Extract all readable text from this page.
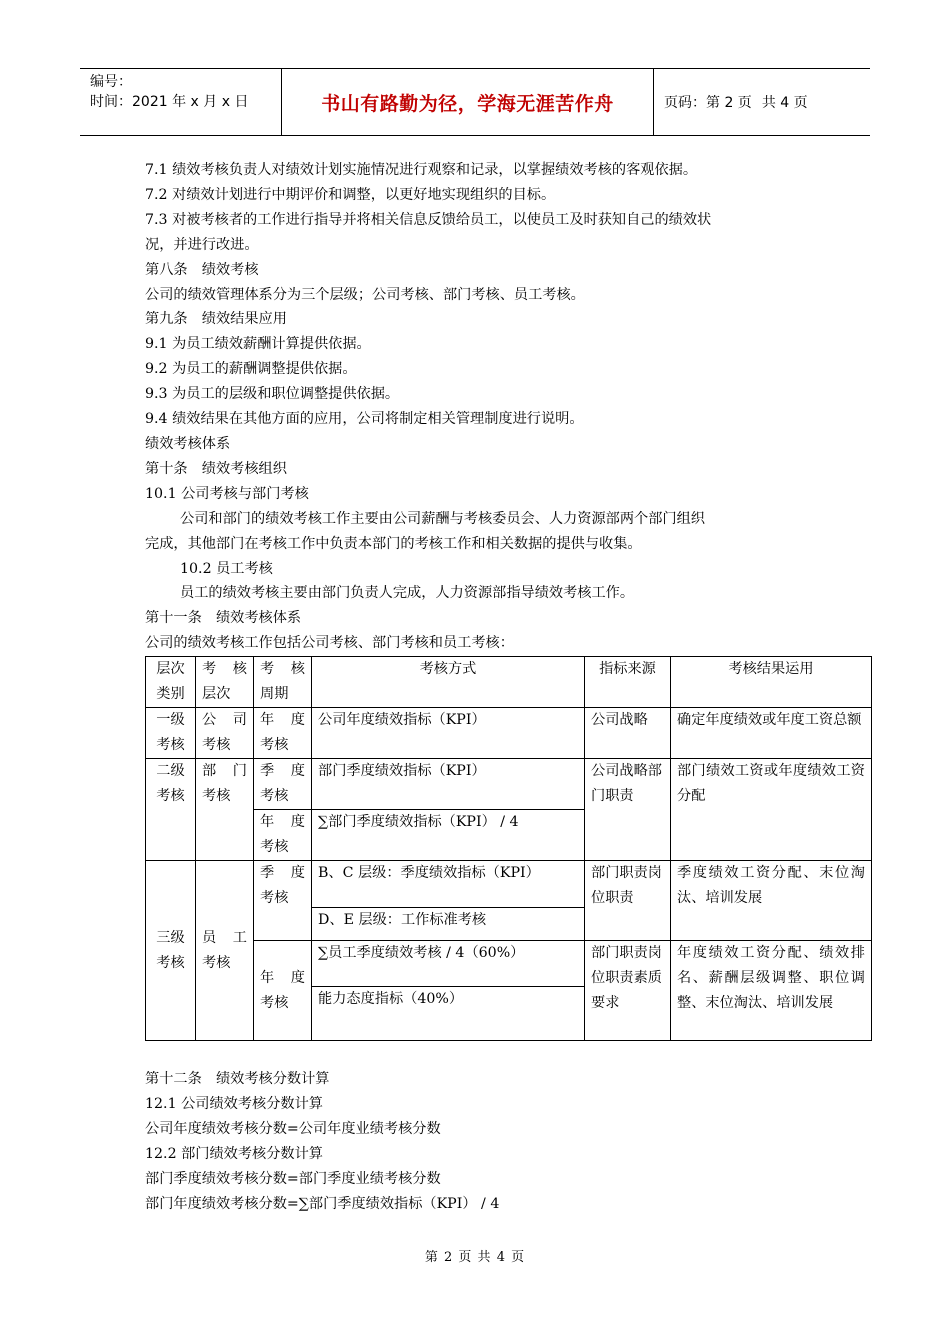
编号：
时间：2021 年 x 月 x 日	书山有路勤为径，学海无涯苦作舟	页码：第 2 页 共 4 页

7.1 绩效考核负责人对绩效计划实施情况进行观察和记录，以掌握绩效考核的客观依据。

7.2 对绩效计划进行中期评价和调整，以更好地实现组织的目标。

7.3 对被考核者的工作进行指导并将相关信息反馈给员工，以使员工及时获知自己的绩效状

况，并进行改进。

第八条　绩效考核

公司的绩效管理体系分为三个层级；公司考核、部门考核、员工考核。

第九条　绩效结果应用

9.1 为员工绩效薪酬计算提供依据。

9.2 为员工的薪酬调整提供依据。

9.3 为员工的层级和职位调整提供依据。

9.4 绩效结果在其他方面的应用，公司将制定相关管理制度进行说明。

绩效考核体系

第十条　绩效考核组织

10.1 公司考核与部门考核

公司和部门的绩效考核工作主要由公司薪酬与考核委员会、人力资源部两个部门组织

完成，其他部门在考核工作中负责本部门的考核工作和相关数据的提供与收集。

10.2 员工考核

员工的绩效考核主要由部门负责人完成，人力资源部指导绩效考核工作。

第十一条　绩效考核体系

公司的绩效考核工作包括公司考核、部门考核和员工考核：

层次类别	考 核 层次	考 核 周期	考核方式	指标来源	考核结果运用
一级考核	公 司 考核	年 度 考核	公司年度绩效指标（KPI）	公司战略	确定年度绩效或年度工资总额
二级考核	部 门 考核	季 度 考核	部门季度绩效指标（KPI）	公司战略部门职责	部门绩效工资或年度绩效工资分配
		年 度 考核	∑部门季度绩效指标（KPI） / 4		
三级考核	员 工 考核	季 度 考核	B、C 层级：季度绩效指标（KPI）	部门职责岗位职责	季度绩效工资分配、末位淘汰、培训发展
			D、E 层级：工作标准考核		
		年 度 考核	∑员工季度绩效考核 / 4（60%）	部门职责岗位职责素质要求	年度绩效工资分配、绩效排名、薪酬层级调整、职位调整、末位淘汰、培训发展
			能力态度指标（40%）		

第十二条　绩效考核分数计算

12.1 公司绩效考核分数计算

公司年度绩效考核分数=公司年度业绩考核分数

12.2 部门绩效考核分数计算

部门季度绩效考核分数=部门季度业绩考核分数

部门年度绩效考核分数=∑部门季度绩效指标（KPI） / 4

第 2 页 共 4 页
